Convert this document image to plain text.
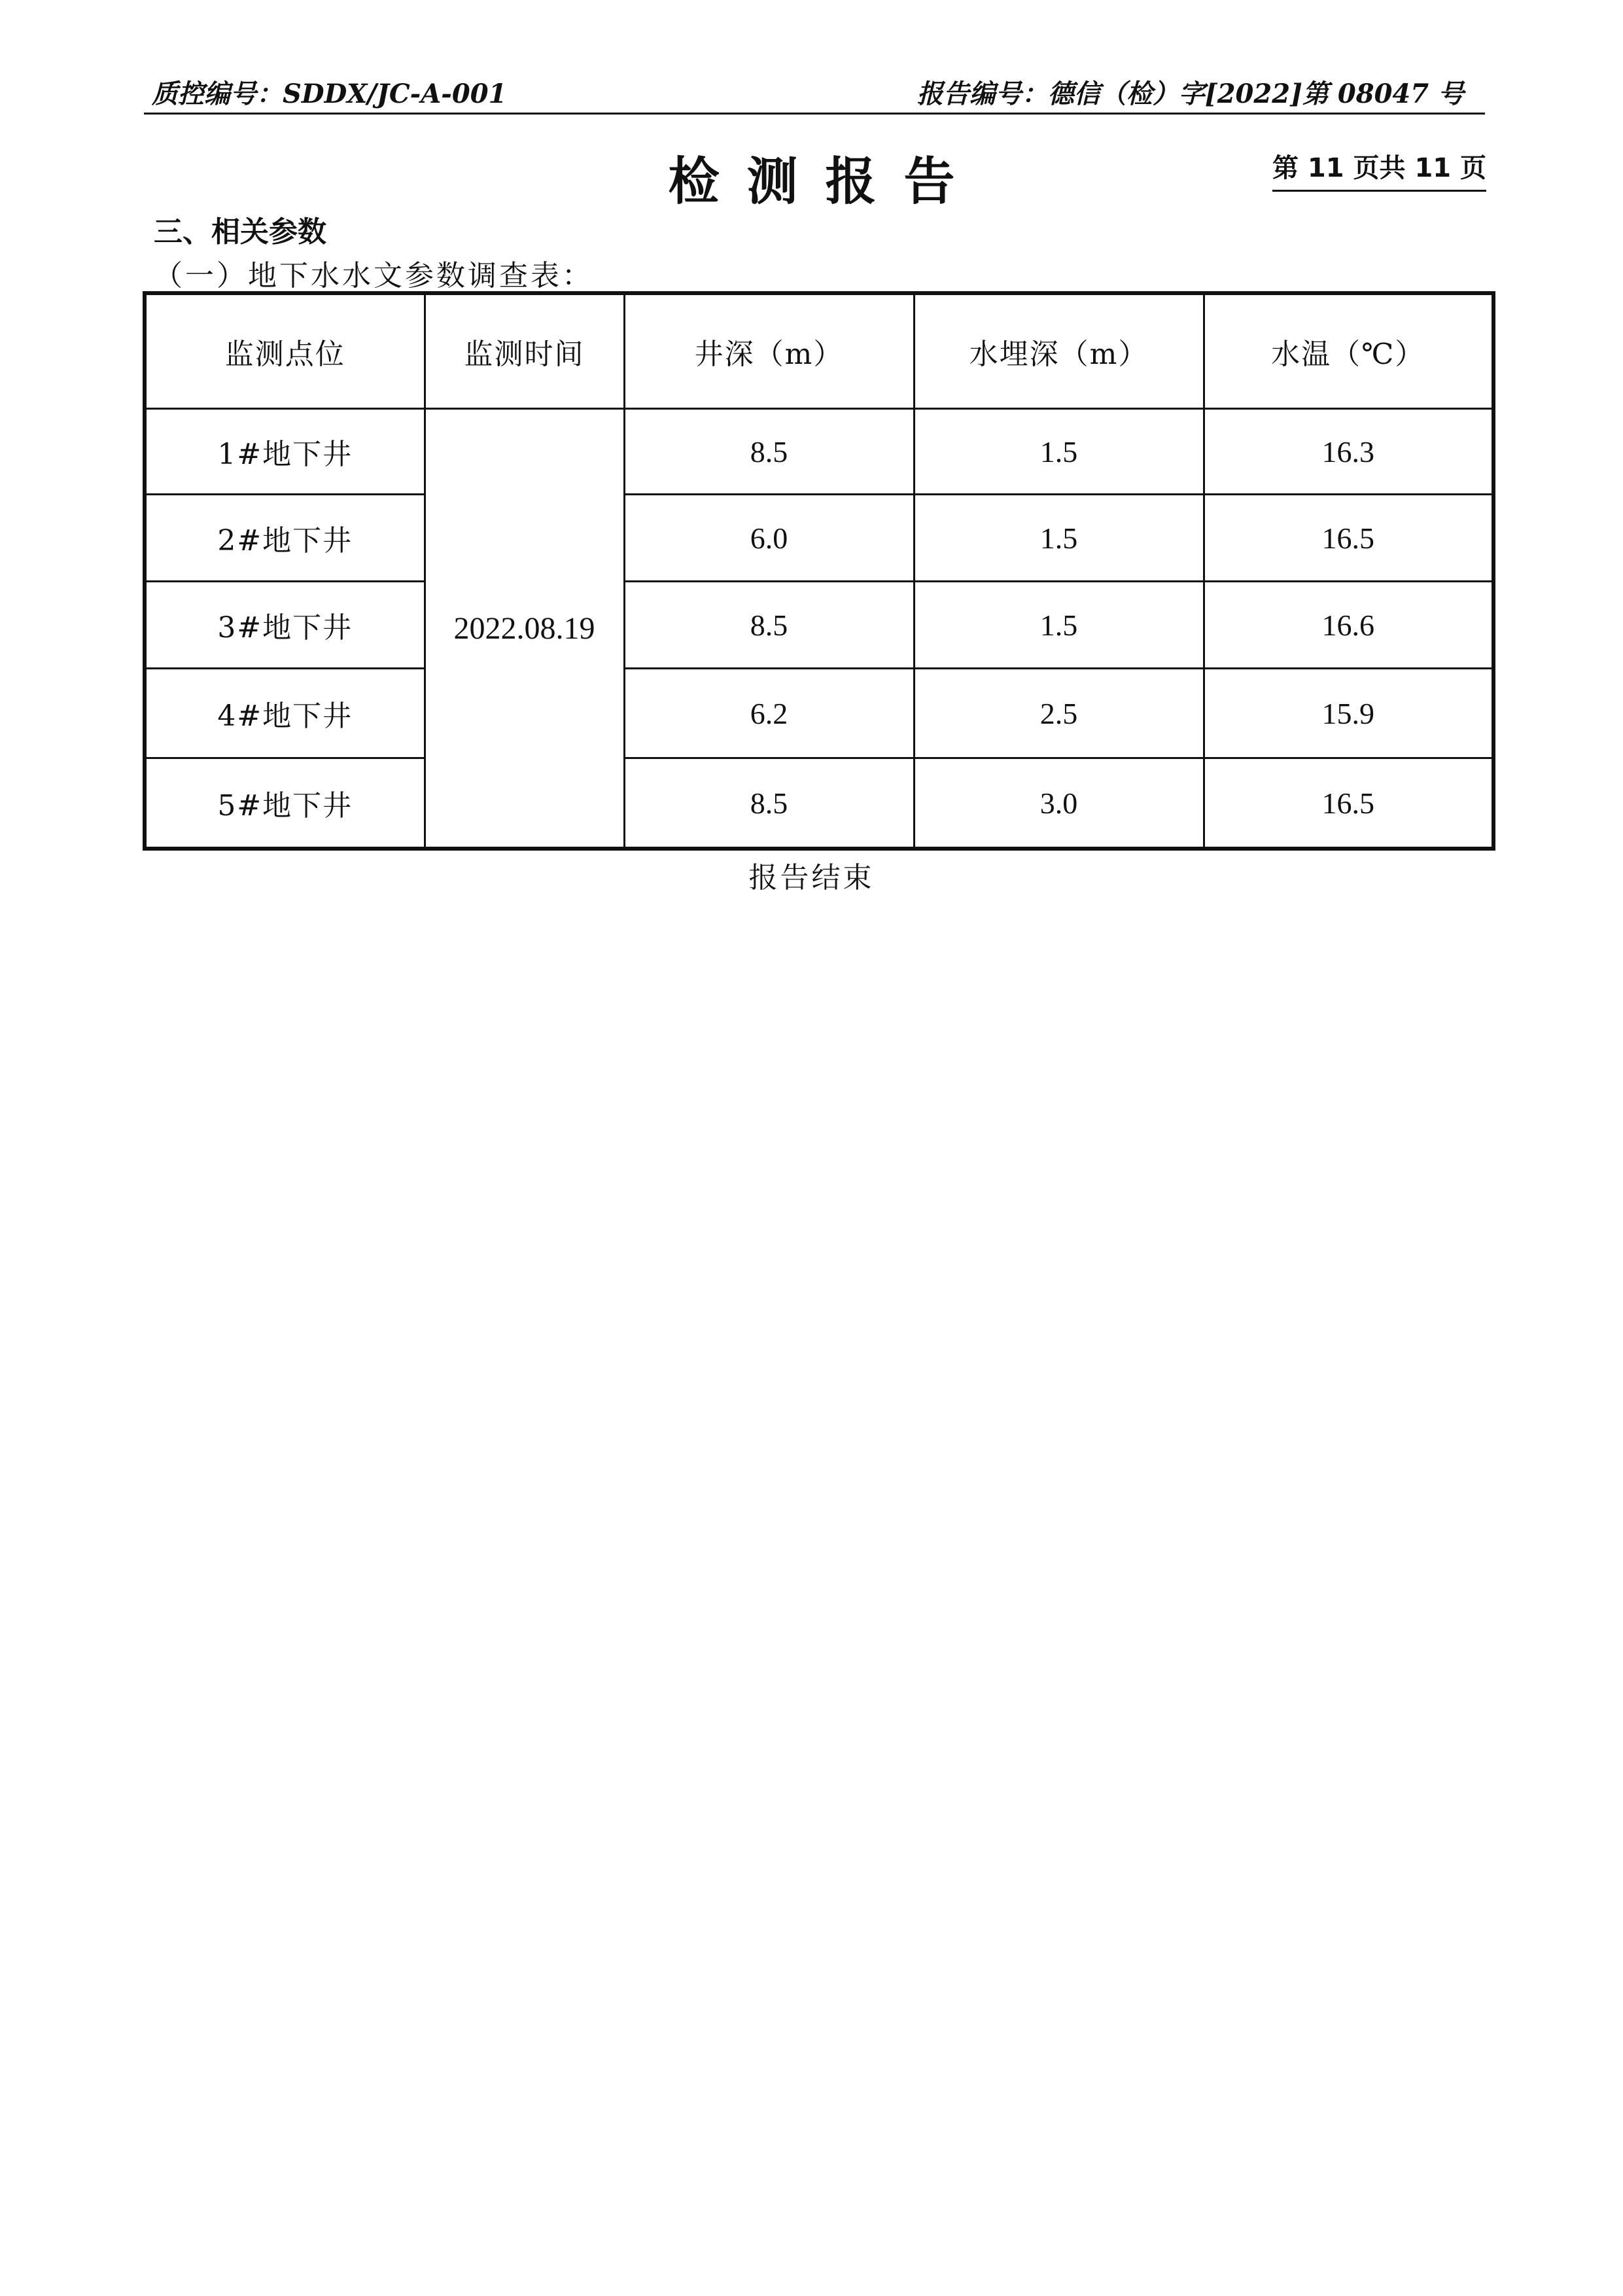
质控编号：SDDX/JC-A-001	报告编号：德信（检）字[2022]第 08047 号
检测报告	第 11 页共 11 页
三、相关参数
（一）地下水水文参数调查表：
监测点位	监测时间	井深（m）	水埋深（m）	水温（℃）
1#地下井	2022.08.19	8.5	1.5	16.3
2#地下井		6.0	1.5	16.5
3#地下井		8.5	1.5	16.6
4#地下井		6.2	2.5	15.9
5#地下井		8.5	3.0	16.5
报告结束
